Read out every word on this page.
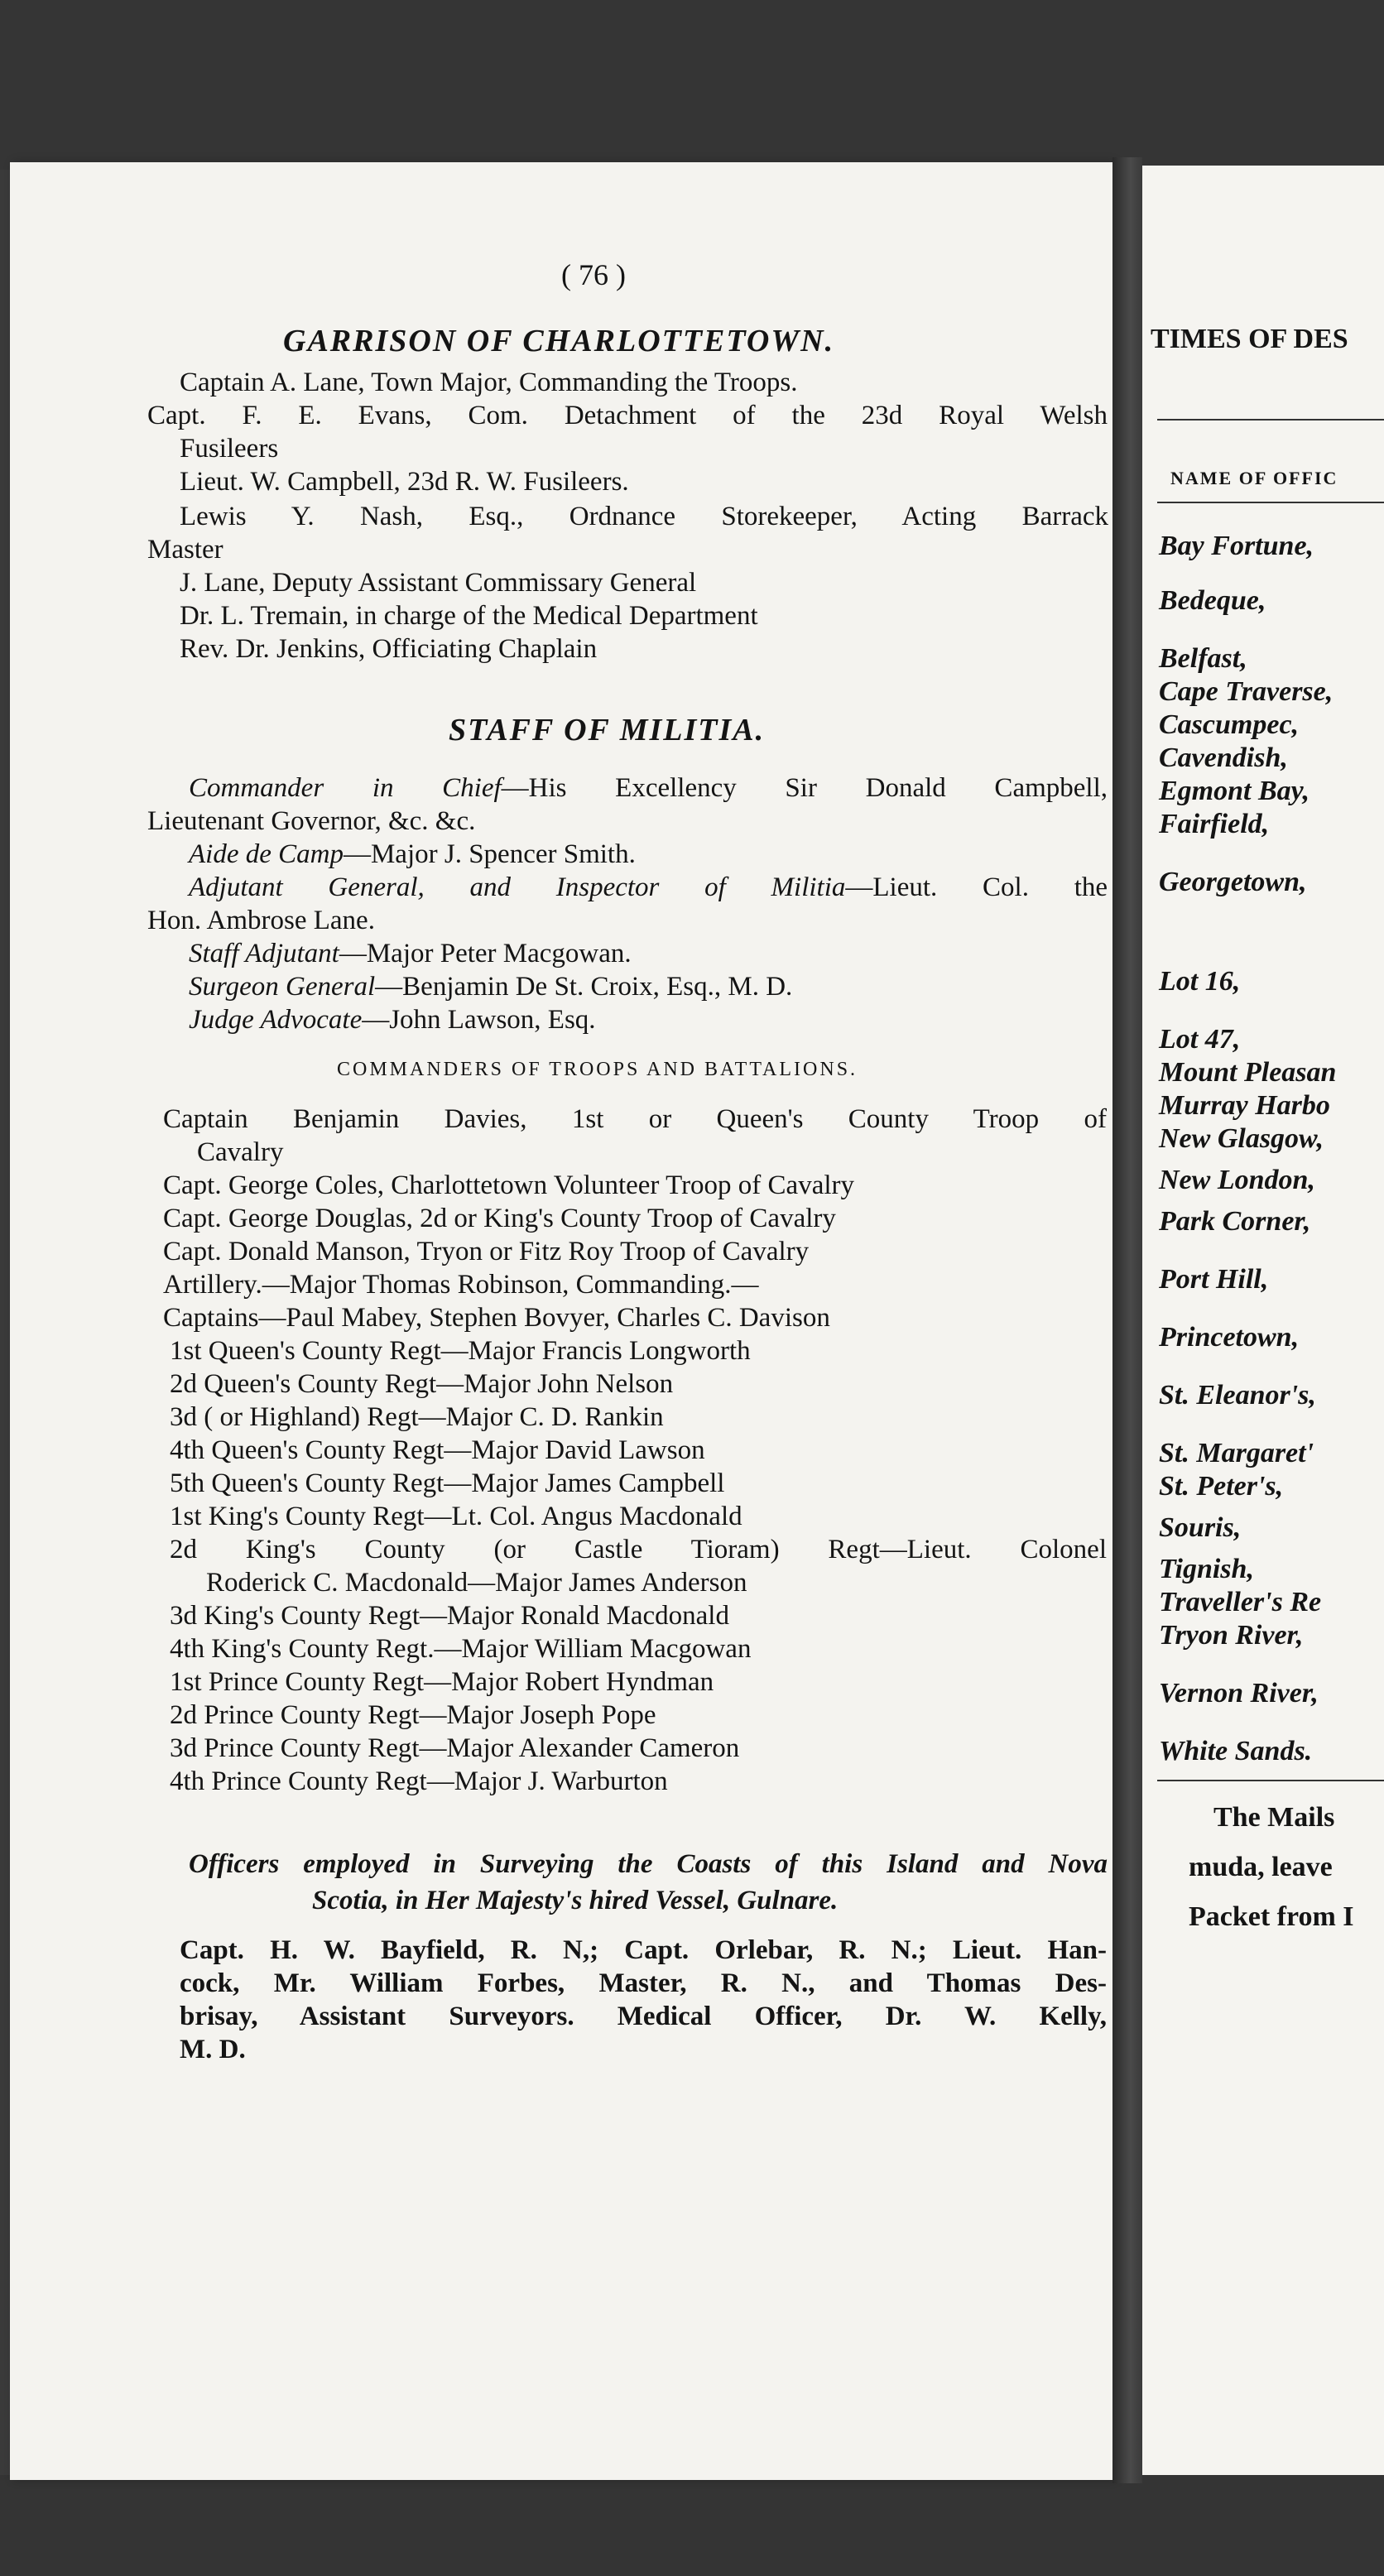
( 76 )
GARRISON OF CHARLOTTETOWN.
Captain A. Lane, Town Major, Commanding the Troops.
Capt. F. E. Evans, Com. Detachment of the 23d Royal Welsh
Fusileers
Lieut. W. Campbell, 23d R. W. Fusileers.
Lewis Y. Nash, Esq., Ordnance Storekeeper, Acting Barrack
Master
J. Lane, Deputy Assistant Commissary General
Dr. L. Tremain, in charge of the Medical Department
Rev. Dr. Jenkins, Officiating Chaplain
STAFF OF MILITIA.
Commander in Chief—His Excellency Sir Donald Campbell,
Lieutenant Governor, &c. &c.
Aide de Camp—Major J. Spencer Smith.
Adjutant General, and Inspector of Militia—Lieut. Col. the
Hon. Ambrose Lane.
Staff Adjutant—Major Peter Macgowan.
Surgeon General—Benjamin De St. Croix, Esq., M. D.
Judge Advocate—John Lawson, Esq.
COMMANDERS OF TROOPS AND BATTALIONS.
Captain Benjamin Davies, 1st or Queen's County Troop of
Cavalry
Capt. George Coles, Charlottetown Volunteer Troop of Cavalry
Capt. George Douglas, 2d or King's County Troop of Cavalry
Capt. Donald Manson, Tryon or Fitz Roy Troop of Cavalry
Artillery.—Major Thomas Robinson, Commanding.—
Captains—Paul Mabey, Stephen Bovyer, Charles C. Davison
1st Queen's County Regt—Major Francis Longworth
2d Queen's County Regt—Major John Nelson
3d ( or Highland) Regt—Major C. D. Rankin
4th Queen's County Regt—Major David Lawson
5th Queen's County Regt—Major James Campbell
1st King's County Regt—Lt. Col. Angus Macdonald
2d King's County (or Castle Tioram) Regt—Lieut. Colonel
Roderick C. Macdonald—Major James Anderson
3d King's County Regt—Major Ronald Macdonald
4th King's County Regt.—Major William Macgowan
1st Prince County Regt—Major Robert Hyndman
2d Prince County Regt—Major Joseph Pope
3d Prince County Regt—Major Alexander Cameron
4th Prince County Regt—Major J. Warburton
Officers employed in Surveying the Coasts of this Island and Nova
Scotia, in Her Majesty's hired Vessel, Gulnare.
Capt. H. W. Bayfield, R. N,; Capt. Orlebar, R. N.; Lieut. Han-
cock, Mr. William Forbes, Master, R. N., and Thomas Des-
brisay, Assistant Surveyors. Medical Officer, Dr. W. Kelly,
M. D.
TIMES OF DES
NAME OF OFFIC
Bay Fortune,
Bedeque,
Belfast,
Cape Traverse,
Cascumpec,
Cavendish,
Egmont Bay,
Fairfield,
Georgetown,
Lot 16,
Lot 47,
Mount Pleasan
Murray Harbo
New Glasgow,
New London,
Park Corner,
Port Hill,
Princetown,
St. Eleanor's,
St. Margaret'
St. Peter's,
Souris,
Tignish,
Traveller's Re
Tryon River,
Vernon River,
White Sands.
The Mails
muda, leave
Packet from I
